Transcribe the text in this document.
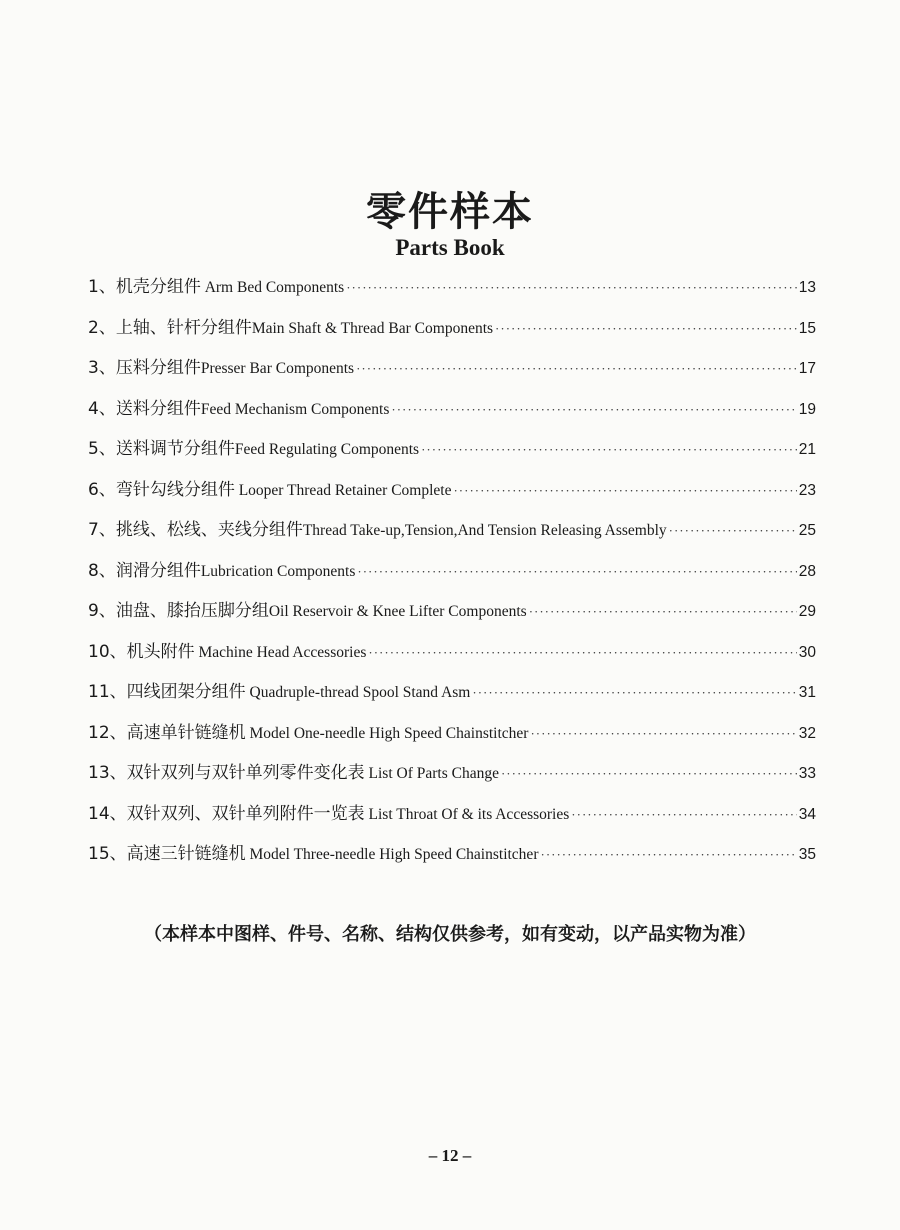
零件样本
Parts Book
1、机壳分组件 Arm Bed Components ·····	13
2、上轴、针杆分组件Main Shaft & Thread Bar Components ·····	15
3、压料分组件Presser Bar Components ·····	17
4、送料分组件Feed Mechanism Components ·····	19
5、送料调节分组件Feed Regulating Components ·····	21
6、弯针勾线分组件 Looper Thread Retainer Complete ·····	23
7、挑线、松线、夹线分组件Thread Take-up,Tension,And Tension Releasing Assembly ·····	25
8、润滑分组件Lubrication Components ·····	28
9、油盘、膝抬压脚分组Oil Reservoir & Knee Lifter Components ·····	29
10、机头附件 Machine Head Accessories ·····	30
11、四线团架分组件 Quadruple-thread Spool Stand Asm ·····	31
12、高速单针链缝机 Model One-needle High Speed Chainstitcher ·····	32
13、双针双列与双针单列零件变化表 List Of Parts Change ·····	33
14、双针双列、双针单列附件一览表 List Throat Of & its Accessories ·····	34
15、高速三针链缝机 Model Three-needle High Speed Chainstitcher ·····	35
（本样本中图样、件号、名称、结构仅供参考，如有变动，以产品实物为准）
– 12 –
